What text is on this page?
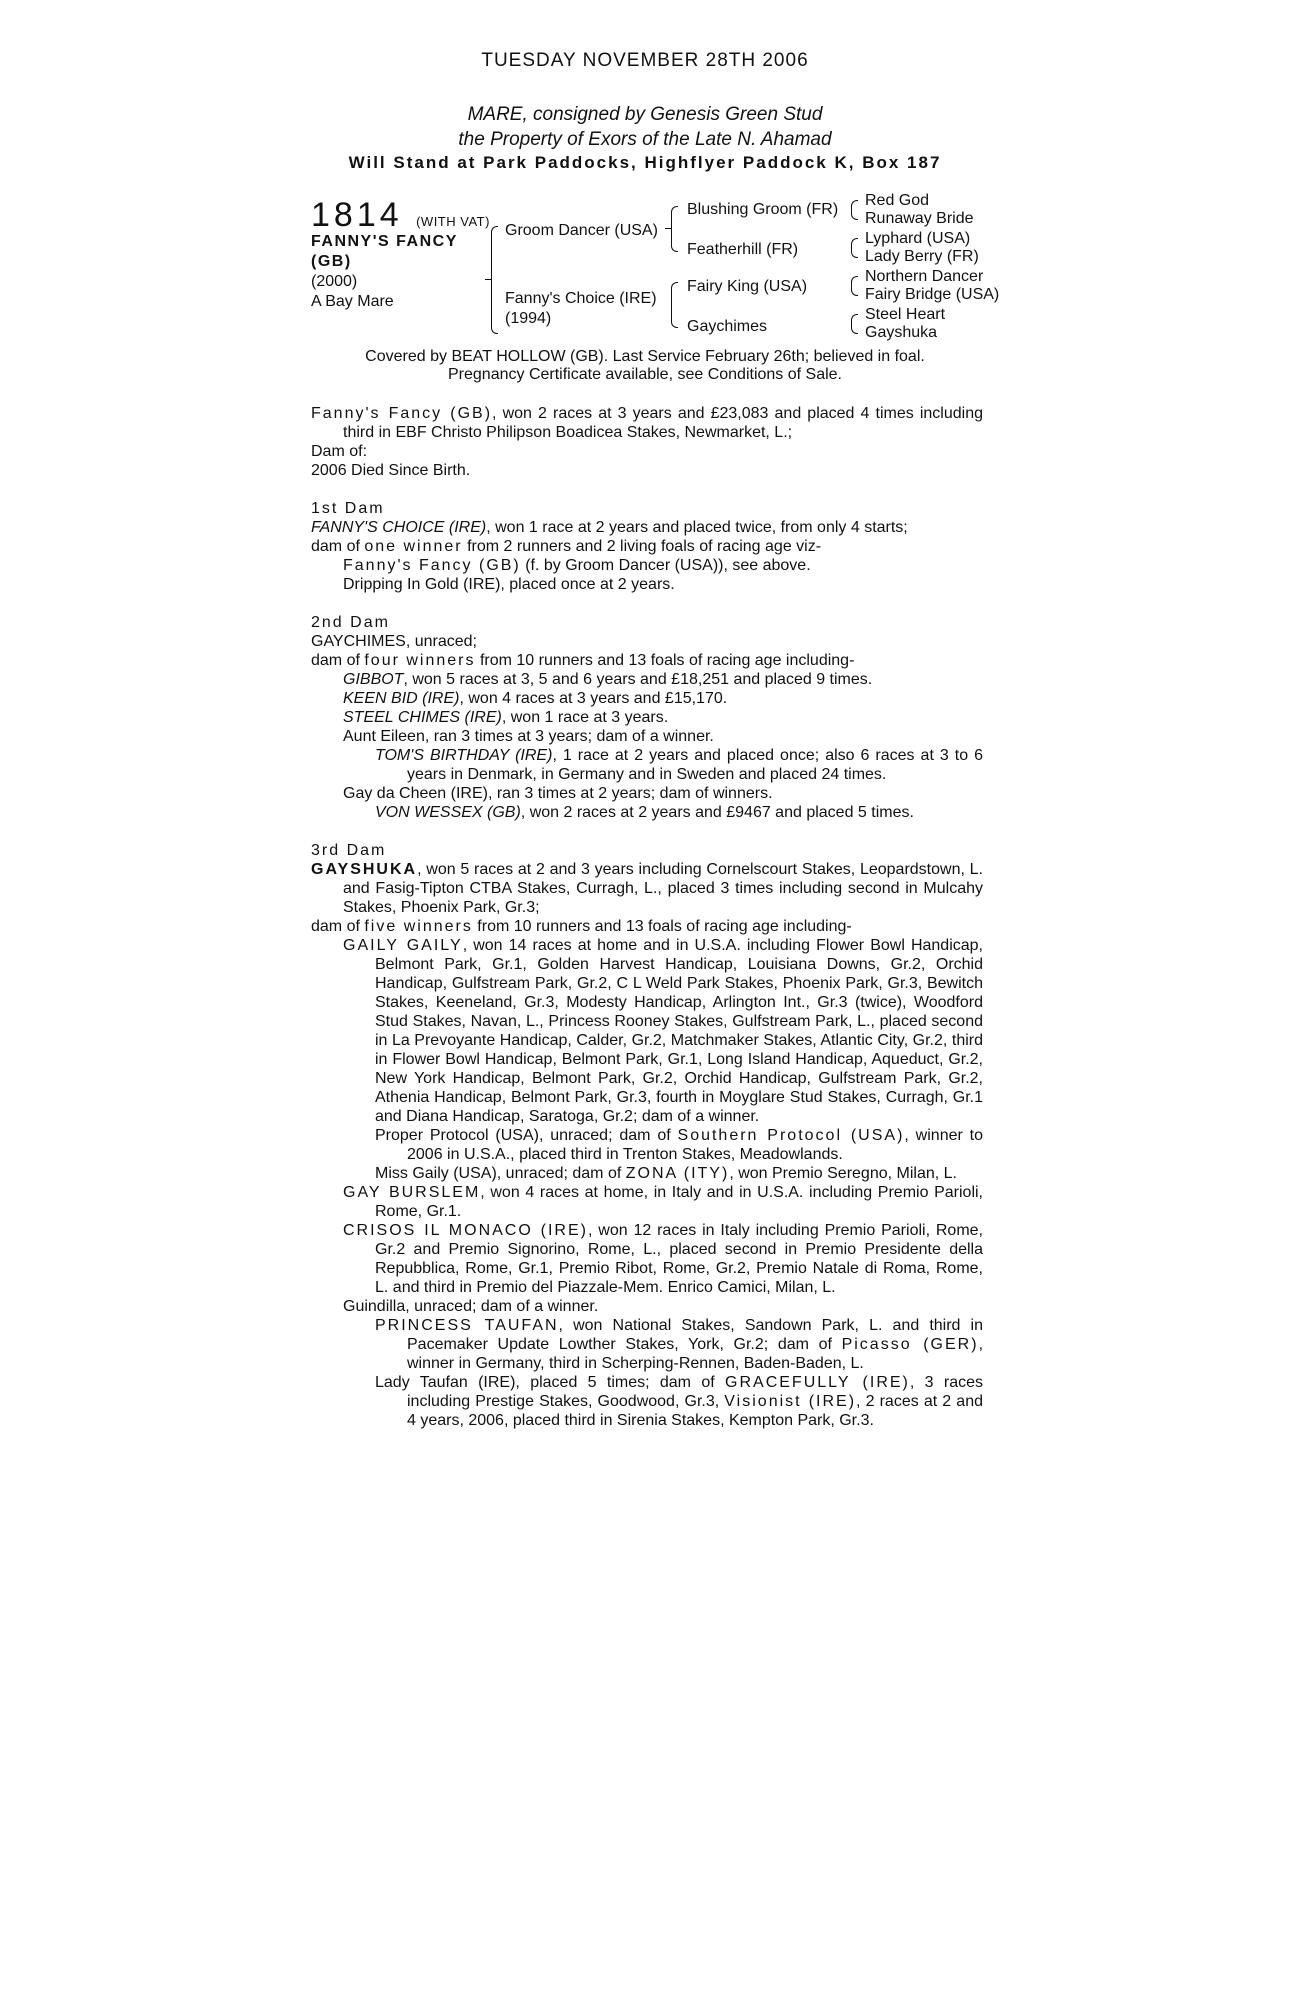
TUESDAY NOVEMBER 28TH 2006
MARE, consigned by Genesis Green Stud
the Property of Exors of the Late N. Ahamad
Will Stand at Park Paddocks, Highflyer Paddock K, Box 187
1814 (WITH VAT)
FANNY'S FANCY
(GB)
(2000)
A Bay Mare
Groom Dancer (USA)
Fanny's Choice (IRE)
(1994)
Blushing Groom (FR)
Featherhill (FR)
Fairy King (USA)
Gaychimes
Red God
Runaway Bride
Lyphard (USA)
Lady Berry (FR)
Northern Dancer
Fairy Bridge (USA)
Steel Heart
Gayshuka
Covered by BEAT HOLLOW (GB). Last Service February 26th; believed in foal.
Pregnancy Certificate available, see Conditions of Sale.

Fanny's Fancy (GB), won 2 races at 3 years and £23,083 and placed 4 times including third in EBF Christo Philipson Boadicea Stakes, Newmarket, L.;

Dam of:

2006 Died Since Birth.

1st Dam

FANNY'S CHOICE (IRE), won 1 race at 2 years and placed twice, from only 4 starts;

dam of one winner from 2 runners and 2 living foals of racing age viz-

Fanny's Fancy (GB) (f. by Groom Dancer (USA)), see above.

Dripping In Gold (IRE), placed once at 2 years.

2nd Dam

GAYCHIMES, unraced;

dam of four winners from 10 runners and 13 foals of racing age including-

GIBBOT, won 5 races at 3, 5 and 6 years and £18,251 and placed 9 times.

KEEN BID (IRE), won 4 races at 3 years and £15,170.

STEEL CHIMES (IRE), won 1 race at 3 years.

Aunt Eileen, ran 3 times at 3 years; dam of a winner.

TOM'S BIRTHDAY (IRE), 1 race at 2 years and placed once; also 6 races at 3 to 6 years in Denmark, in Germany and in Sweden and placed 24 times.

Gay da Cheen (IRE), ran 3 times at 2 years; dam of winners.

VON WESSEX (GB), won 2 races at 2 years and £9467 and placed 5 times.

3rd Dam

GAYSHUKA, won 5 races at 2 and 3 years including Cornelscourt Stakes, Leopardstown, L. and Fasig-Tipton CTBA Stakes, Curragh, L., placed 3 times including second in Mulcahy Stakes, Phoenix Park, Gr.3;

dam of five winners from 10 runners and 13 foals of racing age including-

GAILY GAILY, won 14 races at home and in U.S.A. including Flower Bowl Handicap, Belmont Park, Gr.1, Golden Harvest Handicap, Louisiana Downs, Gr.2, Orchid Handicap, Gulfstream Park, Gr.2, C L Weld Park Stakes, Phoenix Park, Gr.3, Bewitch Stakes, Keeneland, Gr.3, Modesty Handicap, Arlington Int., Gr.3 (twice), Woodford Stud Stakes, Navan, L., Princess Rooney Stakes, Gulfstream Park, L., placed second in La Prevoyante Handicap, Calder, Gr.2, Matchmaker Stakes, Atlantic City, Gr.2, third in Flower Bowl Handicap, Belmont Park, Gr.1, Long Island Handicap, Aqueduct, Gr.2, New York Handicap, Belmont Park, Gr.2, Orchid Handicap, Gulfstream Park, Gr.2, Athenia Handicap, Belmont Park, Gr.3, fourth in Moyglare Stud Stakes, Curragh, Gr.1 and Diana Handicap, Saratoga, Gr.2; dam of a winner.

Proper Protocol (USA), unraced; dam of Southern Protocol (USA), winner to 2006 in U.S.A., placed third in Trenton Stakes, Meadowlands.

Miss Gaily (USA), unraced; dam of ZONA (ITY), won Premio Seregno, Milan, L.

GAY BURSLEM, won 4 races at home, in Italy and in U.S.A. including Premio Parioli, Rome, Gr.1.

CRISOS IL MONACO (IRE), won 12 races in Italy including Premio Parioli, Rome, Gr.2 and Premio Signorino, Rome, L., placed second in Premio Presidente della Repubblica, Rome, Gr.1, Premio Ribot, Rome, Gr.2, Premio Natale di Roma, Rome, L. and third in Premio del Piazzale-Mem. Enrico Camici, Milan, L.

Guindilla, unraced; dam of a winner.

PRINCESS TAUFAN, won National Stakes, Sandown Park, L. and third in Pacemaker Update Lowther Stakes, York, Gr.2; dam of Picasso (GER), winner in Germany, third in Scherping-Rennen, Baden-Baden, L.

Lady Taufan (IRE), placed 5 times; dam of GRACEFULLY (IRE), 3 races including Prestige Stakes, Goodwood, Gr.3, Visionist (IRE), 2 races at 2 and 4 years, 2006, placed third in Sirenia Stakes, Kempton Park, Gr.3.
